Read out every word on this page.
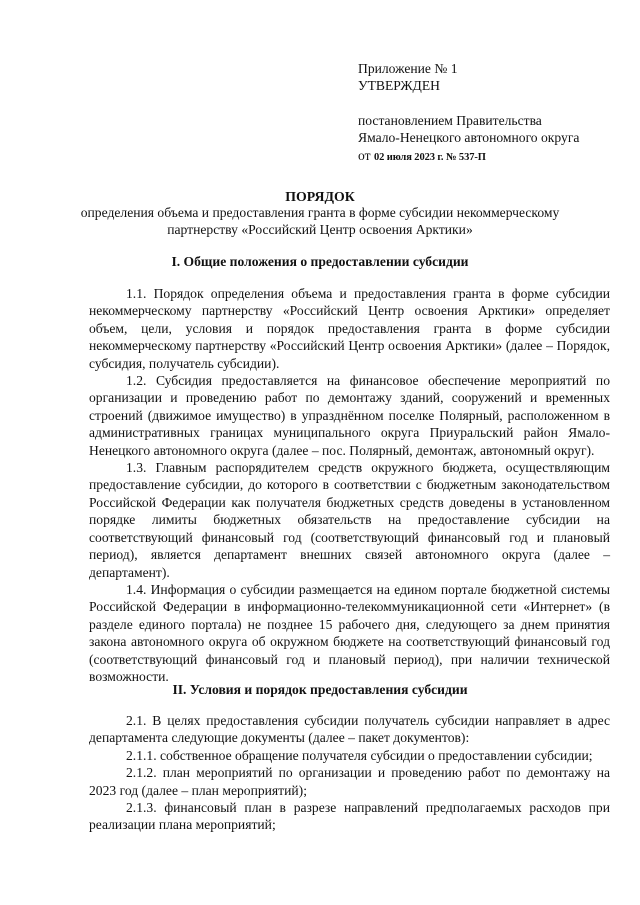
Приложение № 1
УТВЕРЖДЕН
постановлением Правительства
Ямало-Ненецкого автономного округа
от 02 июля 2023 г. № 537-П
ПОРЯДОК
определения объема и предоставления гранта в форме субсидии некоммерческому партнерству «Российский Центр освоения Арктики»
I. Общие положения о предоставлении субсидии

1.1. Порядок определения объема и предоставления гранта в форме субсидии некоммерческому партнерству «Российский Центр освоения Арктики» определяет объем, цели, условия и порядок предоставления гранта в форме субсидии некоммерческому партнерству «Российский Центр освоения Арктики» (далее – Порядок, субсидия, получатель субсидии).

1.2. Субсидия предоставляется на финансовое обеспечение мероприятий по организации и проведению работ по демонтажу зданий, сооружений и временных строений (движимое имущество) в упразднённом поселке Полярный, расположенном в административных границах муниципального округа Приуральский район Ямало-Ненецкого автономного округа (далее – пос. Полярный, демонтаж, автономный округ).

1.3. Главным распорядителем средств окружного бюджета, осуществляющим предоставление субсидии, до которого в соответствии с бюджетным законодательством Российской Федерации как получателя бюджетных средств доведены в установленном порядке лимиты бюджетных обязательств на предоставление субсидии на соответствующий финансовый год (соответствующий финансовый год и плановый период), является департамент внешних связей автономного округа (далее – департамент).

1.4. Информация о субсидии размещается на едином портале бюджетной системы Российской Федерации в информационно-телекоммуникационной сети «Интернет» (в разделе единого портала) не позднее 15 рабочего дня, следующего за днем принятия закона автономного округа об окружном бюджете на соответствующий финансовый год (соответствующий финансовый год и плановый период), при наличии технической возможности.

II. Условия и порядок предоставления субсидии

2.1. В целях предоставления субсидии получатель субсидии направляет в адрес департамента следующие документы (далее – пакет документов):

2.1.1. собственное обращение получателя субсидии о предоставлении субсидии;

2.1.2. план мероприятий по организации и проведению работ по демонтажу на 2023 год (далее – план мероприятий);

2.1.3. финансовый план в разрезе направлений предполагаемых расходов при реализации плана мероприятий;
